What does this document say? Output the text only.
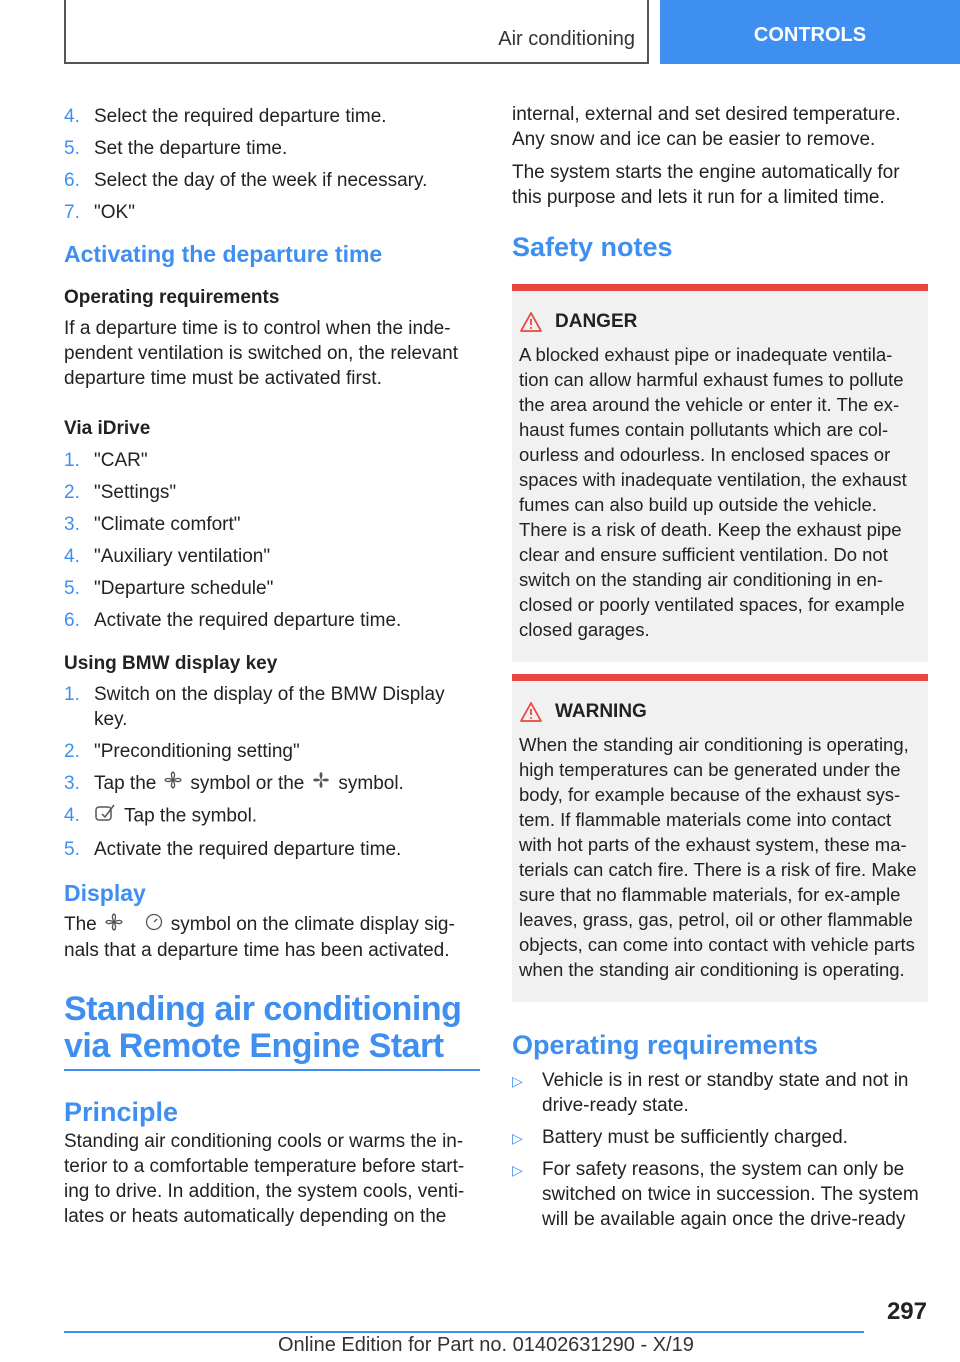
Air conditioning	CONTROLS
4. Select the required departure time.
5. Set the departure time.
6. Select the day of the week if necessary.
7. "OK"
Activating the departure time

Operating requirements

If a departure time is to control when the inde-pendent ventilation is switched on, the relevant departure time must be activated first.

Via iDrive

1. "CAR"
2. "Settings"
3. "Climate comfort"
4. "Auxiliary ventilation"
5. "Departure schedule"
6. Activate the required departure time.

Using BMW display key

1. Switch on the display of the BMW Display key.
2. "Preconditioning setting"
3. Tap the symbol or the symbol.
4. Tap the symbol.
5. Activate the required departure time.
Display

The	symbol on the climate display sig-nals that a departure time has been activated.

Standing air conditioning
via Remote Engine Start
Principle

Standing air conditioning cools or warms the in-terior to a comfortable temperature before start-ing to drive. In addition, the system cools, venti-lates or heats automatically depending on the

internal, external and set desired temperature. Any snow and ice can be easier to remove.

The system starts the engine automatically for this purpose and lets it run for a limited time.

Safety notes
DANGER

A blocked exhaust pipe or inadequate ventila-tion can allow harmful exhaust fumes to pollute the area around the vehicle or enter it. The ex-haust fumes contain pollutants which are col-ourless and odourless. In enclosed spaces or spaces with inadequate ventilation, the exhaust fumes can also build up outside the vehicle. There is a risk of death. Keep the exhaust pipe clear and ensure sufficient ventilation. Do not switch on the standing air conditioning in en-closed or poorly ventilated spaces, for example closed garages.

WARNING

When the standing air conditioning is operating, high temperatures can be generated under the body, for example because of the exhaust sys-tem. If flammable materials come into contact with hot parts of the exhaust system, these ma-terials can catch fire. There is a risk of fire. Make sure that no flammable materials, for ex-ample leaves, grass, gas, petrol, oil or other flammable objects, can come into contact with vehicle parts when the standing air conditioning is operating.

Operating requirements
▷ Vehicle is in rest or standby state and not in drive-ready state.
▷ Battery must be sufficiently charged.
▷ For safety reasons, the system can only be switched on twice in succession. The system will be available again once the drive-ready
297
Online Edition for Part no. 01402631290 - X/19
